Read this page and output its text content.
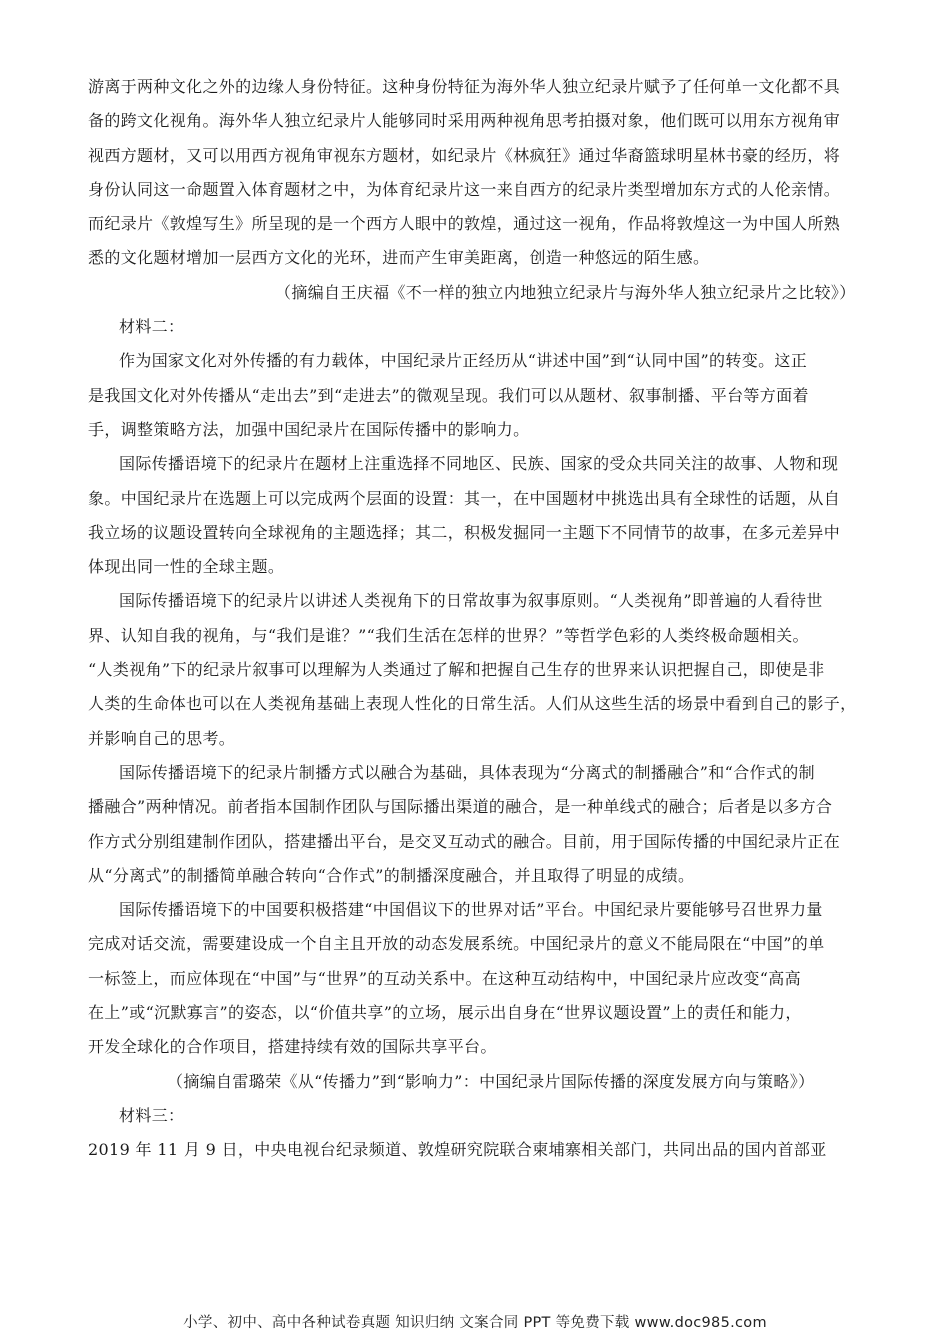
游离于两种文化之外的边缘人身份特征。这种身份特征为海外华人独立纪录片赋予了任何单一文化都不具
备的跨文化视角。海外华人独立纪录片人能够同时采用两种视角思考拍摄对象，他们既可以用东方视角审
视西方题材，又可以用西方视角审视东方题材，如纪录片《林疯狂》通过华裔篮球明星林书豪的经历，将
身份认同这一命题置入体育题材之中，为体育纪录片这一来自西方的纪录片类型增加东方式的人伦亲情。
而纪录片《敦煌写生》所呈现的是一个西方人眼中的敦煌，通过这一视角，作品将敦煌这一为中国人所熟
悉的文化题材增加一层西方文化的光环，进而产生审美距离，创造一种悠远的陌生感。
（摘编自王庆福《不一样的独立内地独立纪录片与海外华人独立纪录片之比较》）
材料二：
作为国家文化对外传播的有力载体，中国纪录片正经历从“讲述中国”到“认同中国”的转变。这正
是我国文化对外传播从“走出去”到“走进去”的微观呈现。我们可以从题材、叙事制播、平台等方面着
手，调整策略方法，加强中国纪录片在国际传播中的影响力。
国际传播语境下的纪录片在题材上注重选择不同地区、民族、国家的受众共同关注的故事、人物和现
象。中国纪录片在选题上可以完成两个层面的设置：其一，在中国题材中挑选出具有全球性的话题，从自
我立场的议题设置转向全球视角的主题选择；其二，积极发掘同一主题下不同情节的故事，在多元差异中
体现出同一性的全球主题。
国际传播语境下的纪录片以讲述人类视角下的日常故事为叙事原则。“人类视角”即普遍的人看待世
界、认知自我的视角，与“我们是谁？”“我们生活在怎样的世界？”等哲学色彩的人类终极命题相关。
“人类视角”下的纪录片叙事可以理解为人类通过了解和把握自己生存的世界来认识把握自己，即使是非
人类的生命体也可以在人类视角基础上表现人性化的日常生活。人们从这些生活的场景中看到自己的影子，
并影响自己的思考。
国际传播语境下的纪录片制播方式以融合为基础，具体表现为“分离式的制播融合”和“合作式的制
播融合”两种情况。前者指本国制作团队与国际播出渠道的融合，是一种单线式的融合；后者是以多方合
作方式分别组建制作团队，搭建播出平台，是交叉互动式的融合。目前，用于国际传播的中国纪录片正在
从“分离式”的制播简单融合转向“合作式”的制播深度融合，并且取得了明显的成绩。
国际传播语境下的中国要积极搭建“中国倡议下的世界对话”平台。中国纪录片要能够号召世界力量
完成对话交流，需要建设成一个自主且开放的动态发展系统。中国纪录片的意义不能局限在“中国”的单
一标签上，而应体现在“中国”与“世界”的互动关系中。在这种互动结构中，中国纪录片应改变“高高
在上”或“沉默寡言”的姿态，以“价值共享”的立场，展示出自身在“世界议题设置”上的责任和能力，
开发全球化的合作项目，搭建持续有效的国际共享平台。
（摘编自雷璐荣《从“传播力”到“影响力”：中国纪录片国际传播的深度发展方向与策略》）
材料三：
2019 年 11 月 9 日，中央电视台纪录频道、敦煌研究院联合柬埔寨相关部门，共同出品的国内首部亚
小学、初中、高中各种试卷真题 知识归纳 文案合同 PPT 等免费下载 www.doc985.com
